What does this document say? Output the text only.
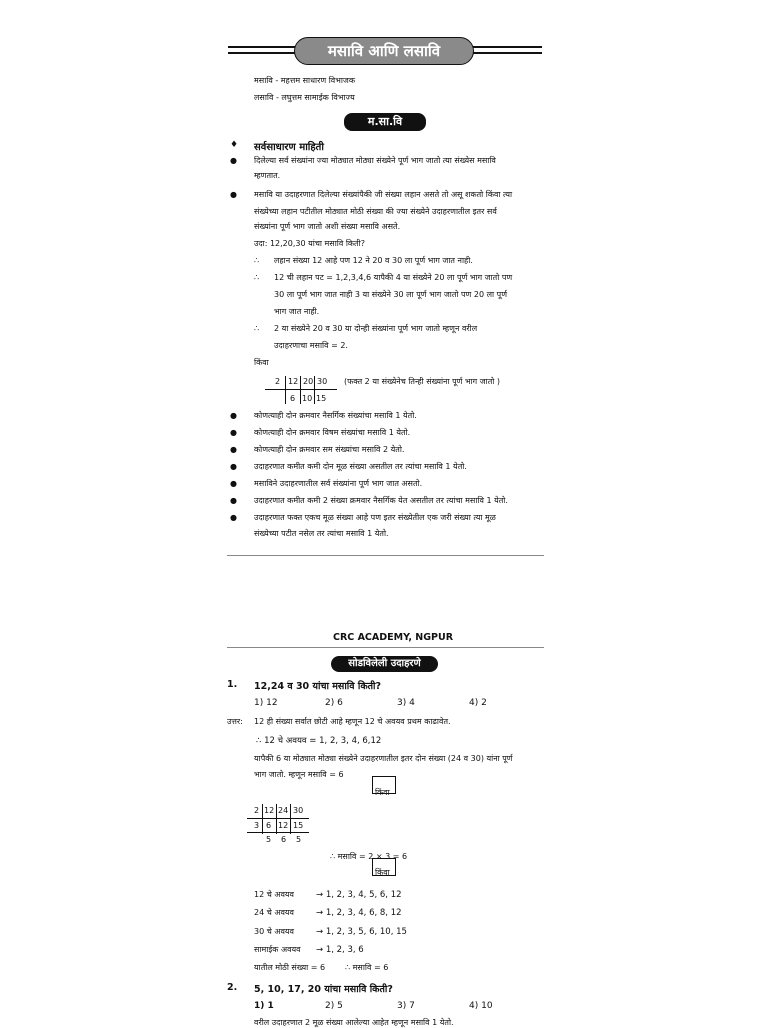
मसावि आणि लसावि
मसावि - महत्तम साधारण विभाजक
लसावि - लघुत्तम सामाईक विभाज्य
म.सा.वि
♦ सर्वसाधारण माहिती
● दिलेल्या सर्व संख्यांना ज्या मोठ्यात मोठ्या संख्येने पूर्ण भाग जातो त्या संख्येस मसावि
म्हणतात.
● मसावि या उदाहरणात दिलेल्या संख्यांपैकी जी संख्या लहान असते तो असू शकतो किंवा त्या
संख्येच्या लहान पटीतील मोठ्यात मोठी संख्या की ज्या संख्येने उदाहरणातील इतर सर्व
संख्यांना पूर्ण भाग जातो अशी संख्या मसावि असते.
उदा: 12,20,30 यांचा मसावि किती?
∴ लहान संख्या 12 आहे पण 12 ने 20 व 30 ला पूर्ण भाग जात नाही.
∴ 12 ची लहान पट = 1,2,3,4,6 यापैकी 4 या संख्येने 20 ला पूर्ण भाग जातो पण
30 ला पूर्ण भाग जात नाही 3 या संख्येने 30 ला पूर्ण भाग जातो पण 20 ला पूर्ण
भाग जात नाही.
∴ 2 या संख्येने 20 व 30 या दोन्ही संख्यांना पूर्ण भाग जातो म्हणून वरील
उदाहरणाचा मसावि = 2.
किंवा
2 12 20 30
6 10 15
(फक्त 2 या संख्येनेच तिन्ही संख्यांना पूर्ण भाग जातो )
● कोणत्याही दोन क्रमवार नैसर्गिक संख्यांचा मसावि 1 येतो.
● कोणत्याही दोन क्रमवार विषम संख्यांचा मसावि 1 येतो.
● कोणत्याही दोन क्रमवार सम संख्यांचा मसावि 2 येतो.
● उदाहरणात कमीत कमी दोन मूळ संख्या असतील तर त्यांचा मसावि 1 येतो.
● मसाविने उदाहरणातील सर्व संख्यांना पूर्ण भाग जात असतो.
● उदाहरणात कमीत कमी 2 संख्या क्रमवार नैसर्गिक येत असतील तर त्यांचा मसावि 1 येतो.
● उदाहरणात फक्त एकच मूळ संख्या आहे पण इतर संख्येतील एक जरी संख्या त्या मूळ
संख्येच्या पटीत नसेल तर त्यांचा मसावि 1 येतो.
CRC ACADEMY, NGPUR
सोडविलेली उदाहरणे
1. 12,24 व 30 यांचा मसावि किती?
1) 12	2) 6	3) 4	4) 2
उत्तर: 12 ही संख्या सर्वात छोटी आहे म्हणून 12 चे अवयव प्रथम काढावेत.
∴ 12 चे अवयव = 1, 2, 3, 4, 6,12
यापैकी 6 या मोठ्यात मोठ्या संख्येने उदाहरणातील इतर दोन संख्या (24 व 30) यांना पूर्ण
भाग जातो. म्हणून मसावि = 6
किंवा
2 12 24 30
3 6 12 15
5 6 5
∴ मसावि = 2 × 3 = 6
किंवा
12 चे अवयव	→ 1, 2, 3, 4, 5, 6, 12
24 चे अवयव	→ 1, 2, 3, 4, 6, 8, 12
30 चे अवयव	→ 1, 2, 3, 5, 6, 10, 15
सामाईक अवयव → 1, 2, 3, 6
यातील मोठी संख्या = 6 ∴ मसावि = 6
2. 5, 10, 17, 20 यांचा मसावि किती?
1) 1	2) 5	3) 7	4) 10
वरील उदाहरणात 2 मूळ संख्या आलेल्या आहेत म्हणून मसावि 1 येतो.
